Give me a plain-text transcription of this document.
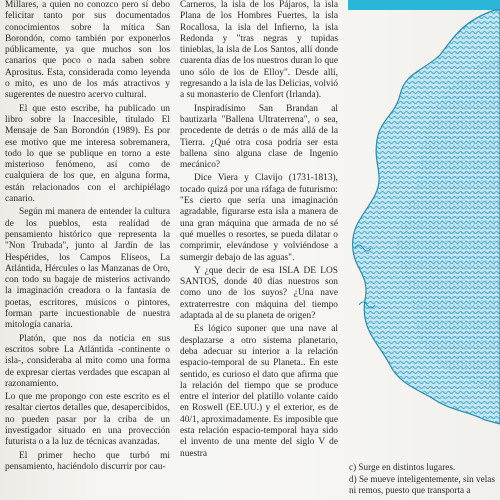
Millares, a quien no conozco pero sí debo felicitar tanto por sus documentados conocimientos sobre la mítica San Borondón, como también por exponerlos públicamente, ya que muchos son los canarios que poco o nada saben sobre Aprositus. Esta, considerada como leyenda o mito, es uno de los más atractivos y sugerentes de nuestro acervo cultural.

El que esto escribe, ha publicado un libro sobre la Inaccesible, titulado El Mensaje de San Borondón (1989). Es por ese motivo que me interesa sobremanera, todo lo que se publique en torno a este misterioso fenómeno, así como de cualquiera de los que, en alguna forma, están relacionados con el archipiélago canario.

Según mi manera de entender la cultura de los pueblos, esta realidad de pensamiento histórico que representa la "Non Trubada", junto al Jardín de las Hespérides, los Campos Elíseos, La Atlántida, Hércules o las Manzanas de Oro, con todo su bagaje de misterios activando la imaginación creadora o la fantasía de poetas, escritores, músicos o pintores, forman parte incuestionable de nuestra mitología canaria.

Platón, que nos da noticia en sus escritos sobre La Atlántida -continente o isla-, consideraba al mito como una forma de expresar ciertas verdades que escapan al razonamiento.

Lo que me propongo con este escrito es el resaltar ciertos detalles que, desapercibidos, no pueden pasar por la criba de un investigador situado en una provección futurista o a la luz de técnicas avanzadas.

El primer hecho que turbó mi pensamiento, haciéndolo discurrir por cau-

Carneros, la isla de los Pájaros, la isla Plana de los Hombres Fuertes, la isla Rocallosa, la isla del Infierno, la isla Redonda y "tras negras y tupidas tinieblas, la isla de Los Santos, allí donde cuarenta días de los nuestros duran lo que uno sólo de los de Elloy". Desde allí, regresando a la isla de las Delicias, volvió a su monasterio de Clenfort (Irlanda).

Inspiradísimo San Brandan al bautizarla "Ballena Ultraterrena", o sea, procedente de detrás o de más allá de la Tierra. ¿Qué otra cosa podría ser esta ballena sino alguna clase de Ingenio mecánico?

Dice Viera y Clavijo (1731-1813), tocado quizá por una ráfaga de futurismo: "Es cierto que sería una imaginación agradable, figurarse esta isla a manera de una gran máquina que armada de no sé qué muelles o resortes, se pueda dilatar o comprimir, elevándose y volviéndose a sumergir debajo de las aguas".

Y ¿que decir de esa ISLA DE LOS SANTOS, donde 40 días nuestros son como uno de los suyos? ¿Una nave extraterrestre con máquina del tiempo adaptada al de su planeta de origen?

Es lógico suponer que una nave al desplazarse a otro sistema planetario, deba adecuar su interior a la relación espacio-temporal de su Planeta.. En este sentido, es curioso el dato que afirma que la relación del tiempo que se produce entre el interior del platillo volante caído en Roswell (EE.UU.) y el exterior, es de 40/1, aproximadamente. Es imposible que esta relación espacio-temporal haya sido el invento de una mente del siglo V de nuestra

c) Surge en distintos lugares.

d) Se mueve inteligentemente, sin velas ni remos, puesto que transporta a
